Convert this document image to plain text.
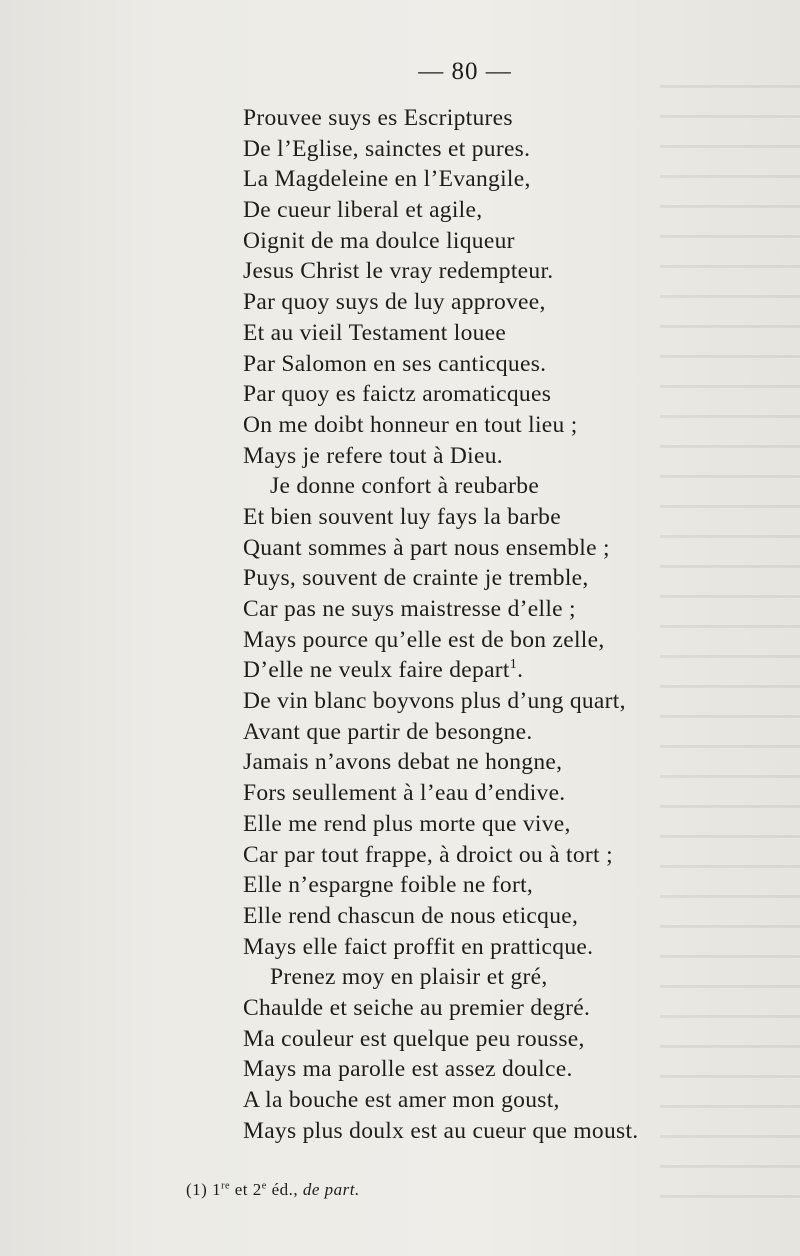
— 80 —
Prouvee suys es Escriptures
De l’Eglise, sainctes et pures.
La Magdeleine en l’Evangile,
De cueur liberal et agile,
Oignit de ma doulce liqueur
Jesus Christ le vray redempteur.
Par quoy suys de luy approvee,
Et au vieil Testament louee
Par Salomon en ses canticques.
Par quoy es faictz aromaticques
On me doibt honneur en tout lieu ;
Mays je refere tout à Dieu.
Je donne confort à reubarbe
Et bien souvent luy fays la barbe
Quant sommes à part nous ensemble ;
Puys, souvent de crainte je tremble,
Car pas ne suys maistresse d’elle ;
Mays pource qu’elle est de bon zelle,
D’elle ne veulx faire depart$^1$.
De vin blanc boyvons plus d’ung quart,
Avant que partir de besongne.
Jamais n’avons debat ne hongne,
Fors seullement à l’eau d’endive.
Elle me rend plus morte que vive,
Car par tout frappe, à droict ou à tort ;
Elle n’espargne foible ne fort,
Elle rend chascun de nous eticque,
Mays elle faict proffit en pratticque.
Prenez moy en plaisir et gré,
Chaulde et seiche au premier degré.
Ma couleur est quelque peu rousse,
Mays ma parolle est assez doulce.
A la bouche est amer mon goust,
Mays plus doulx est au cueur que moust.
(1) 1re et 2e éd., de part.
